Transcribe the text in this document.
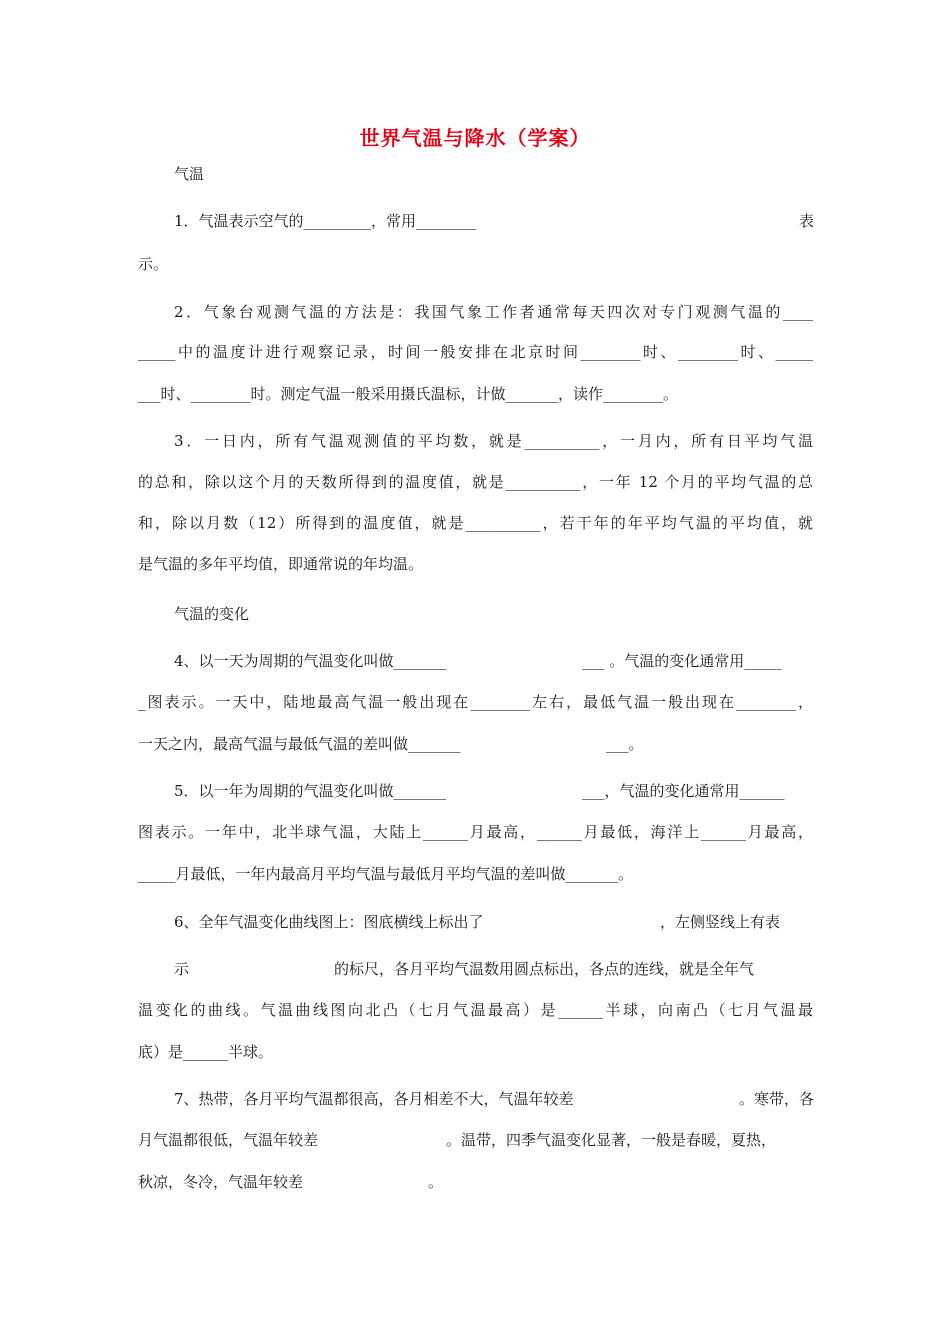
世界气温与降水（学案）
气温
1．气温表示空气的_________，常用________	表
示。
2．气象台观测气温的方法是：我国气象工作者通常每天四次对专门观测气温的____
_____中的温度计进行观察记录，时间一般安排在北京时间________时、________时、_____
___时、________时。测定气温一般采用摄氏温标，计做_______，读作________。
3．一日内，所有气温观测值的平均数，就是__________，一月内，所有日平均气温
的总和，除以这个月的天数所得到的温度值，就是__________，一年 12 个月的平均气温的总
和，除以月数（12）所得到的温度值，就是__________，若干年的年平均气温的平均值，就
是气温的多年平均值，即通常说的年均温。
气温的变化
4、以一天为周期的气温变化叫做_______	___ 。气温的变化通常用_____
_图表示。一天中，陆地最高气温一般出现在________左右，最低气温一般出现在________，
一天之内，最高气温与最低气温的差叫做_______	___。
5．以一年为周期的气温变化叫做_______	___，气温的变化通常用______
图表示。一年中，北半球气温，大陆上______月最高，______月最低，海洋上______月最高，
_____月最低，一年内最高月平均气温与最低月平均气温的差叫做_______。
6、全年气温变化曲线图上：图底横线上标出了	，左侧竖线上有表
示	的标尺，各月平均气温数用圆点标出，各点的连线，就是全年气
温变化的曲线。气温曲线图向北凸（七月气温最高）是______半球，向南凸（七月气温最
底）是______半球。
7、热带，各月平均气温都很高，各月相差不大，气温年较差	。寒带，各
月气温都很低，气温年较差	。温带，四季气温变化显著，一般是春暖，夏热，
秋凉，冬冷，气温年较差	。
